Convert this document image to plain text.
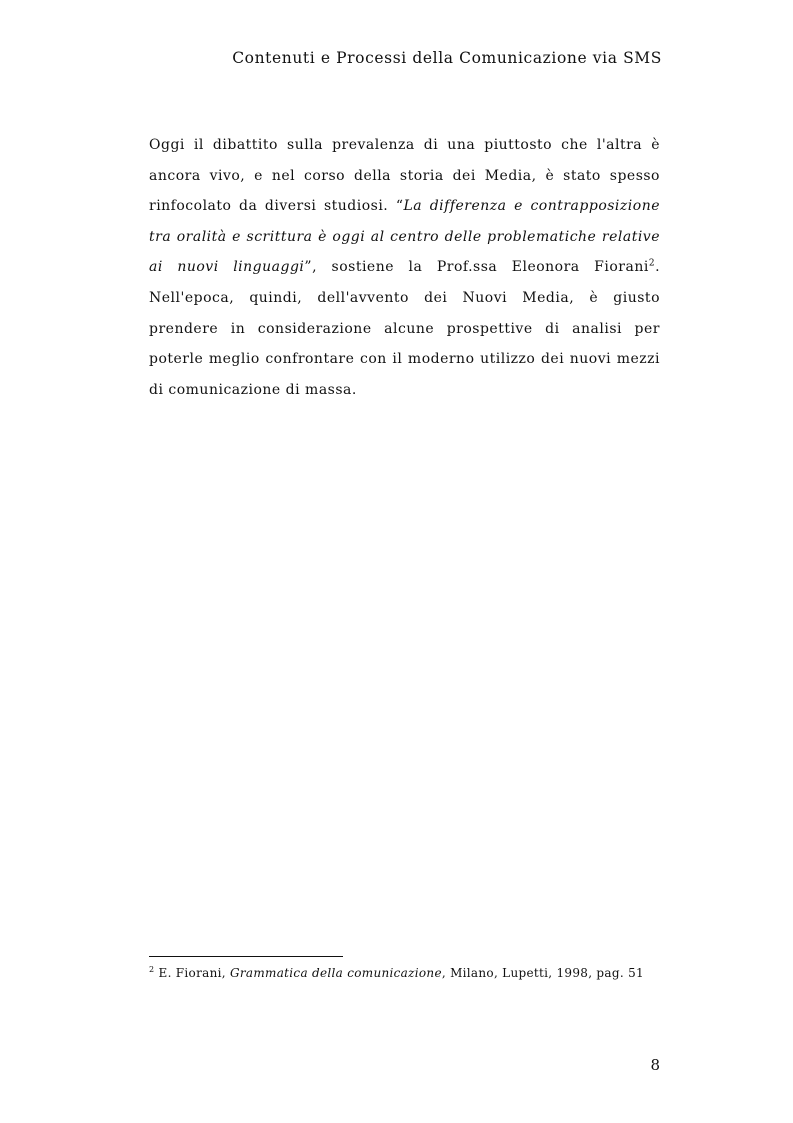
Contenuti e Processi della Comunicazione via SMS

Oggi il dibattito sulla prevalenza di una piuttosto che l'altra è ancora vivo, e nel corso della storia dei Media, è stato spesso rinfocolato da diversi studiosi. “La differenza e contrapposizione tra oralità e scrittura è oggi al centro delle problematiche relative ai nuovi linguaggi”, sostiene la Prof.ssa Eleonora Fiorani$^2$. Nell'epoca, quindi, dell'avvento dei Nuovi Media, è giusto prendere in considerazione alcune prospettive di analisi per poterle meglio confrontare con il moderno utilizzo dei nuovi mezzi di comunicazione di massa.

$^2$ E. Fiorani, Grammatica della comunicazione, Milano, Lupetti, 1998, pag. 51

8
